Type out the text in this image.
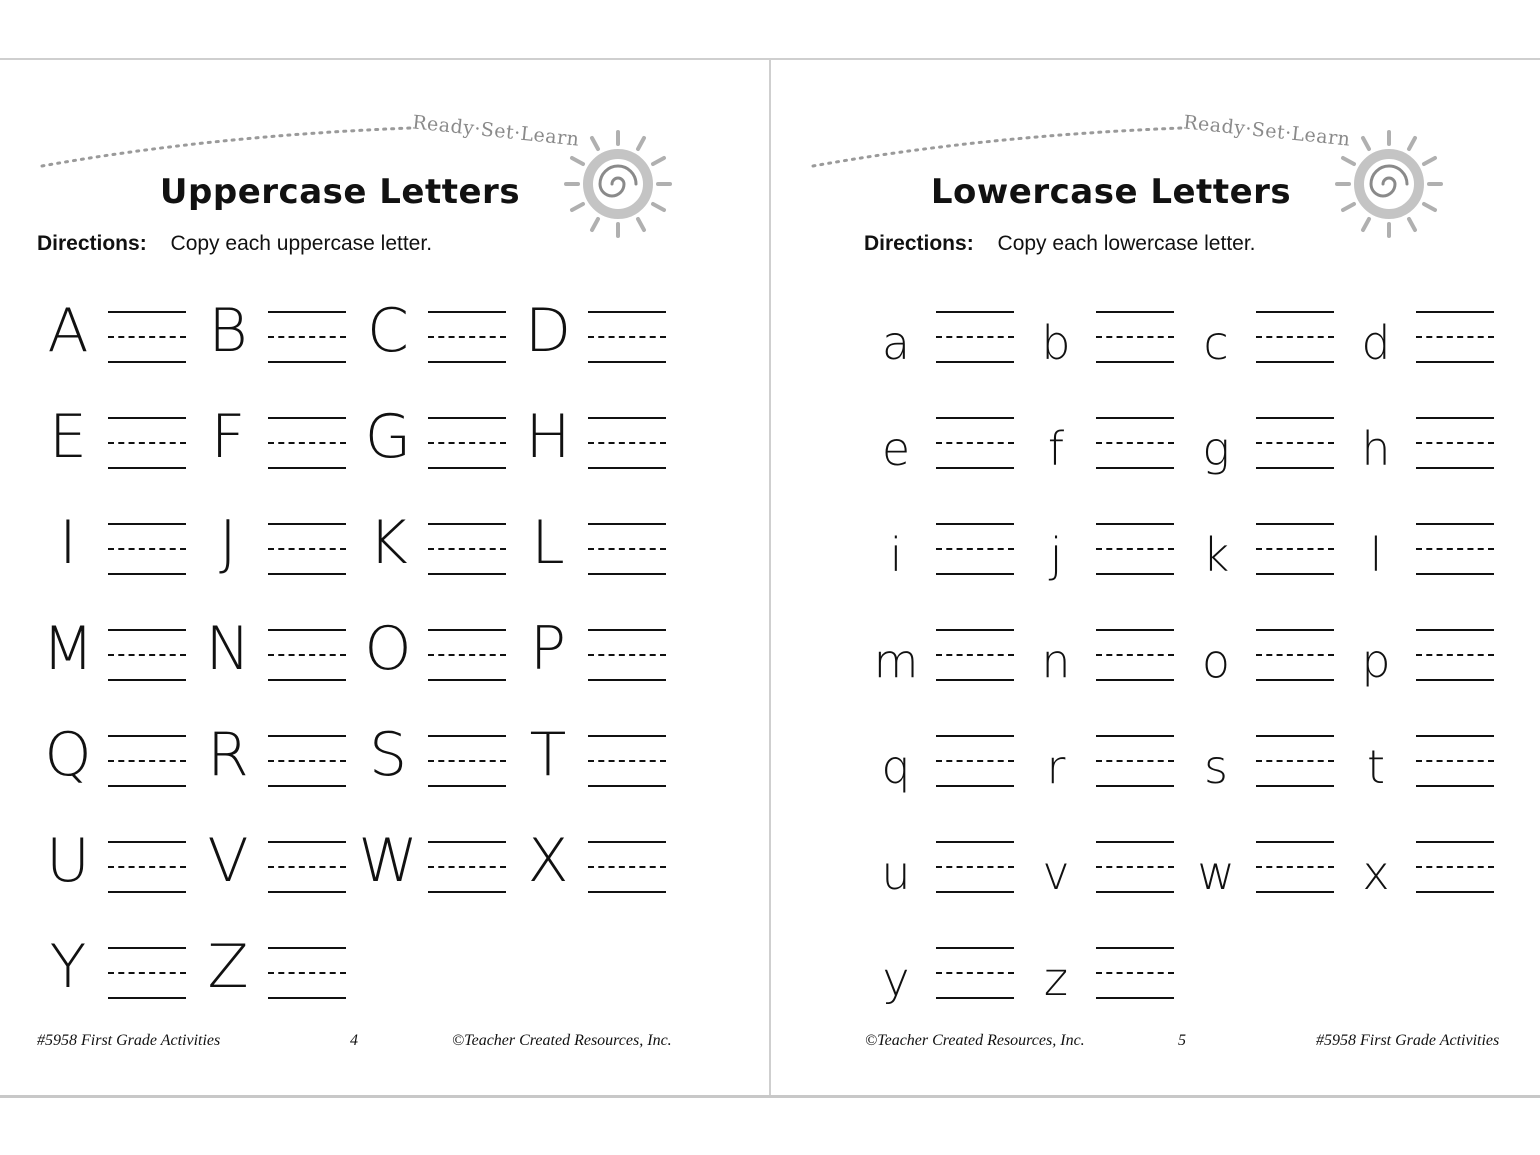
Ready·Set·Learn
Uppercase Letters
Directions: Copy each uppercase letter.
A	B	C	D
E	F	G H
I	J	K	L
M N O	P
Q	R	S	T
U	V	W	X
Y	Z
#5958 First Grade Activities	4	©Teacher Created Resources, Inc.
Ready·Set·Learn
Lowercase Letters
Directions: Copy each lowercase letter.
a	b	c	d
e	f	g	h
i	j	k	l
m	n	o	p
q	r	s	t
u	v	w	x
y	z
©Teacher Created Resources, Inc.	5	#5958 First Grade Activities
